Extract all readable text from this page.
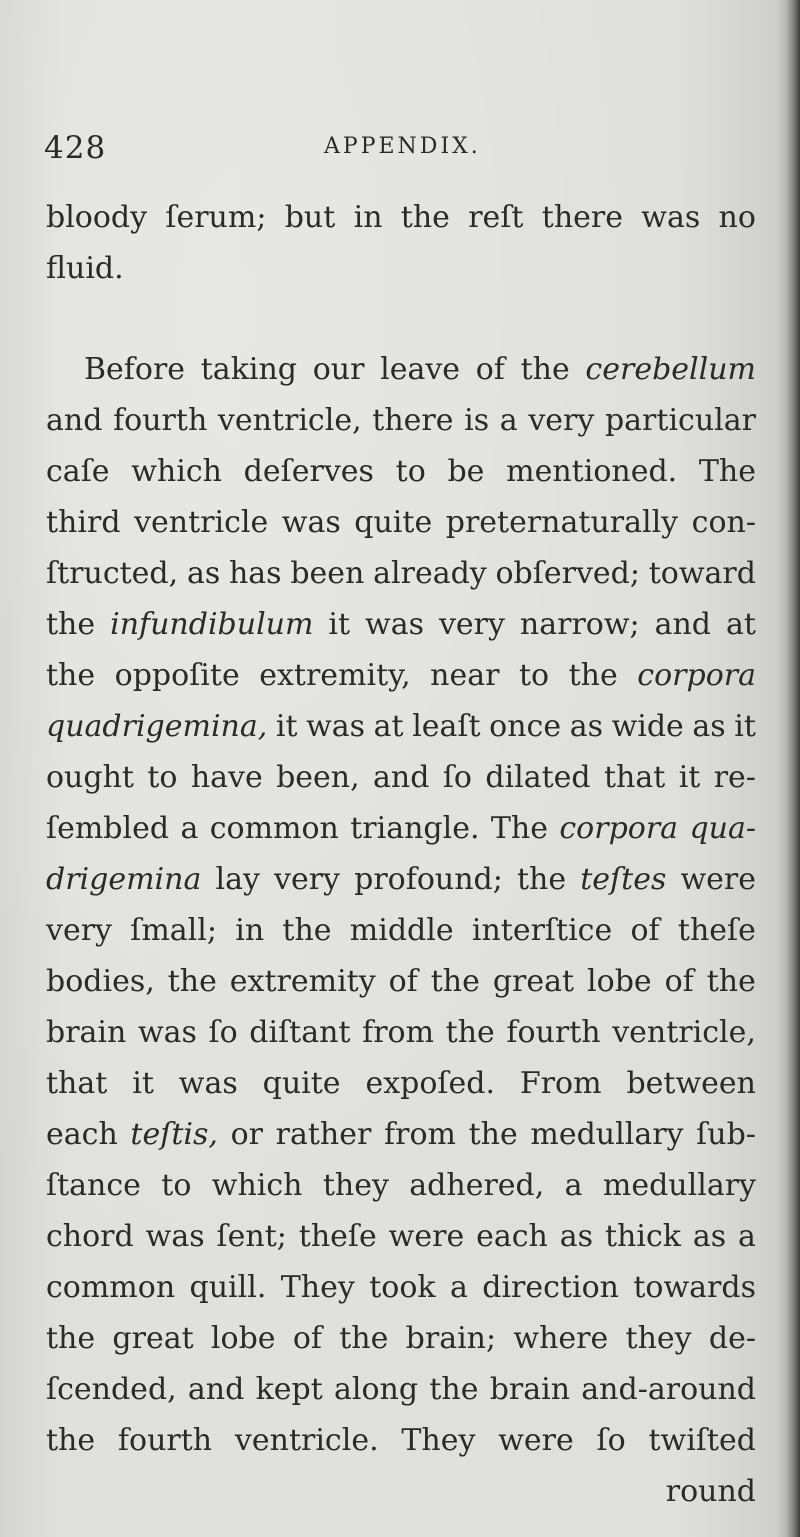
428	APPENDIX.
bloody ſerum; but in the reſt there was no
fluid.
Before taking our leave of the cerebellum
and fourth ventricle, there is a very particular
caſe which deſerves to be mentioned. The
third ventricle was quite preternaturally con-
ſtructed, as has been already obſerved; toward
the infundibulum it was very narrow; and at
the oppoſite extremity, near to the corpora
quadrigemina, it was at leaſt once as wide as it
ought to have been, and ſo dilated that it re-
ſembled a common triangle. The corpora qua-
drigemina lay very profound; the teſtes were
very ſmall; in the middle interſtice of theſe
bodies, the extremity of the great lobe of the
brain was ſo diſtant from the fourth ventricle,
that it was quite expoſed. From between
each teſtis, or rather from the medullary ſub-
ſtance to which they adhered, a medullary
chord was ſent; theſe were each as thick as a
common quill. They took a direction towards
the great lobe of the brain; where they de-
ſcended, and kept along the brain and-around
the fourth ventricle. They were ſo twiſted
round
